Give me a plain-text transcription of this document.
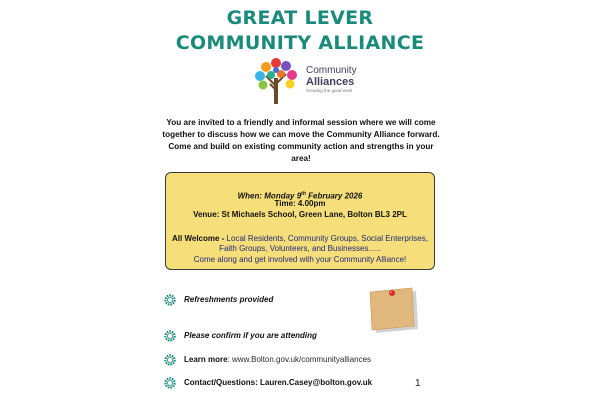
GREAT LEVER
COMMUNITY ALLIANCE
Community
Alliances
Growing the good work

You are invited to a friendly and informal session where we will come together to discuss how we can move the Community Alliance forward. Come and build on existing community action and strengths in your area!

When: Monday 9th February 2026
Time: 4.00pm
Venue: St Michaels School, Green Lane, Bolton BL3 2PL
All Welcome - Local Residents, Community Groups, Social Enterprises,
Faith Groups, Volunteers, and Businesses…..
Come along and get involved with your Community Alliance!
Refreshments provided
Please confirm if you are attending
Learn more: www.Bolton.gov.uk/communityalliances
Contact/Questions: Lauren.Casey@bolton.gov.uk	1
